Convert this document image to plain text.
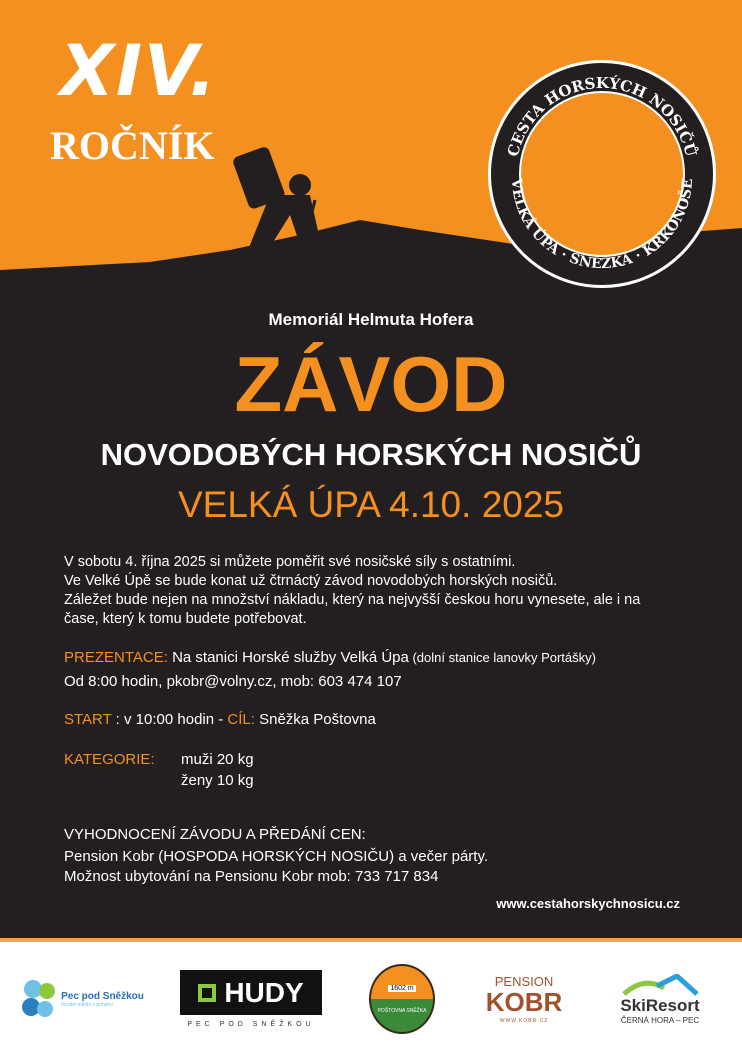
XIV.
ROČNÍK	CESTA HORSKÝCH NOSIČŮ
VELKÁ ÚPA · SNĚŽKA · KRKONOŠE
Memoriál Helmuta Hofera
ZÁVOD
NOVODOBÝCH HORSKÝCH NOSIČŮ
VELKÁ ÚPA 4.10. 2025
V sobotu 4. října 2025 si můžete poměřit své nosičské síly s ostatními.
Ve Velké Úpě se bude konat už čtrnáctý závod novodobých horských nosičů.
Záležet bude nejen na množství nákladu, který na nejvyšší českou horu vynesete, ale i na
čase, který k tomu budete potřebovat.
PREZENTACE: Na stanici Horské služby Velká Úpa (dolní stanice lanovky Portášky)
Od 8:00 hodin, pkobr@volny.cz, mob: 603 474 107
START : v 10:00 hodin - CÍL: Sněžka Poštovna
KATEGORIE: muži 20 kg
ženy 10 kg
VYHODNOCENÍ ZÁVODU A PŘEDÁNÍ CEN:
Pension Kobr (HOSPODA HORSKÝCH NOSIČU) a večer párty.
Možnost ubytování na Pensionu Kobr mob: 733 717 834
www.cestahorskychnosicu.cz
Pec pod Sněžkou
horské město v pohybu	HUDY
PEC POD SNĚŽKOU
1602 m
POŠTOVNA SNĚŽKA
PENSION
KOBR
WWW.KOBR.CZ
SkiResort
ČERNÁ HORA – PEC
